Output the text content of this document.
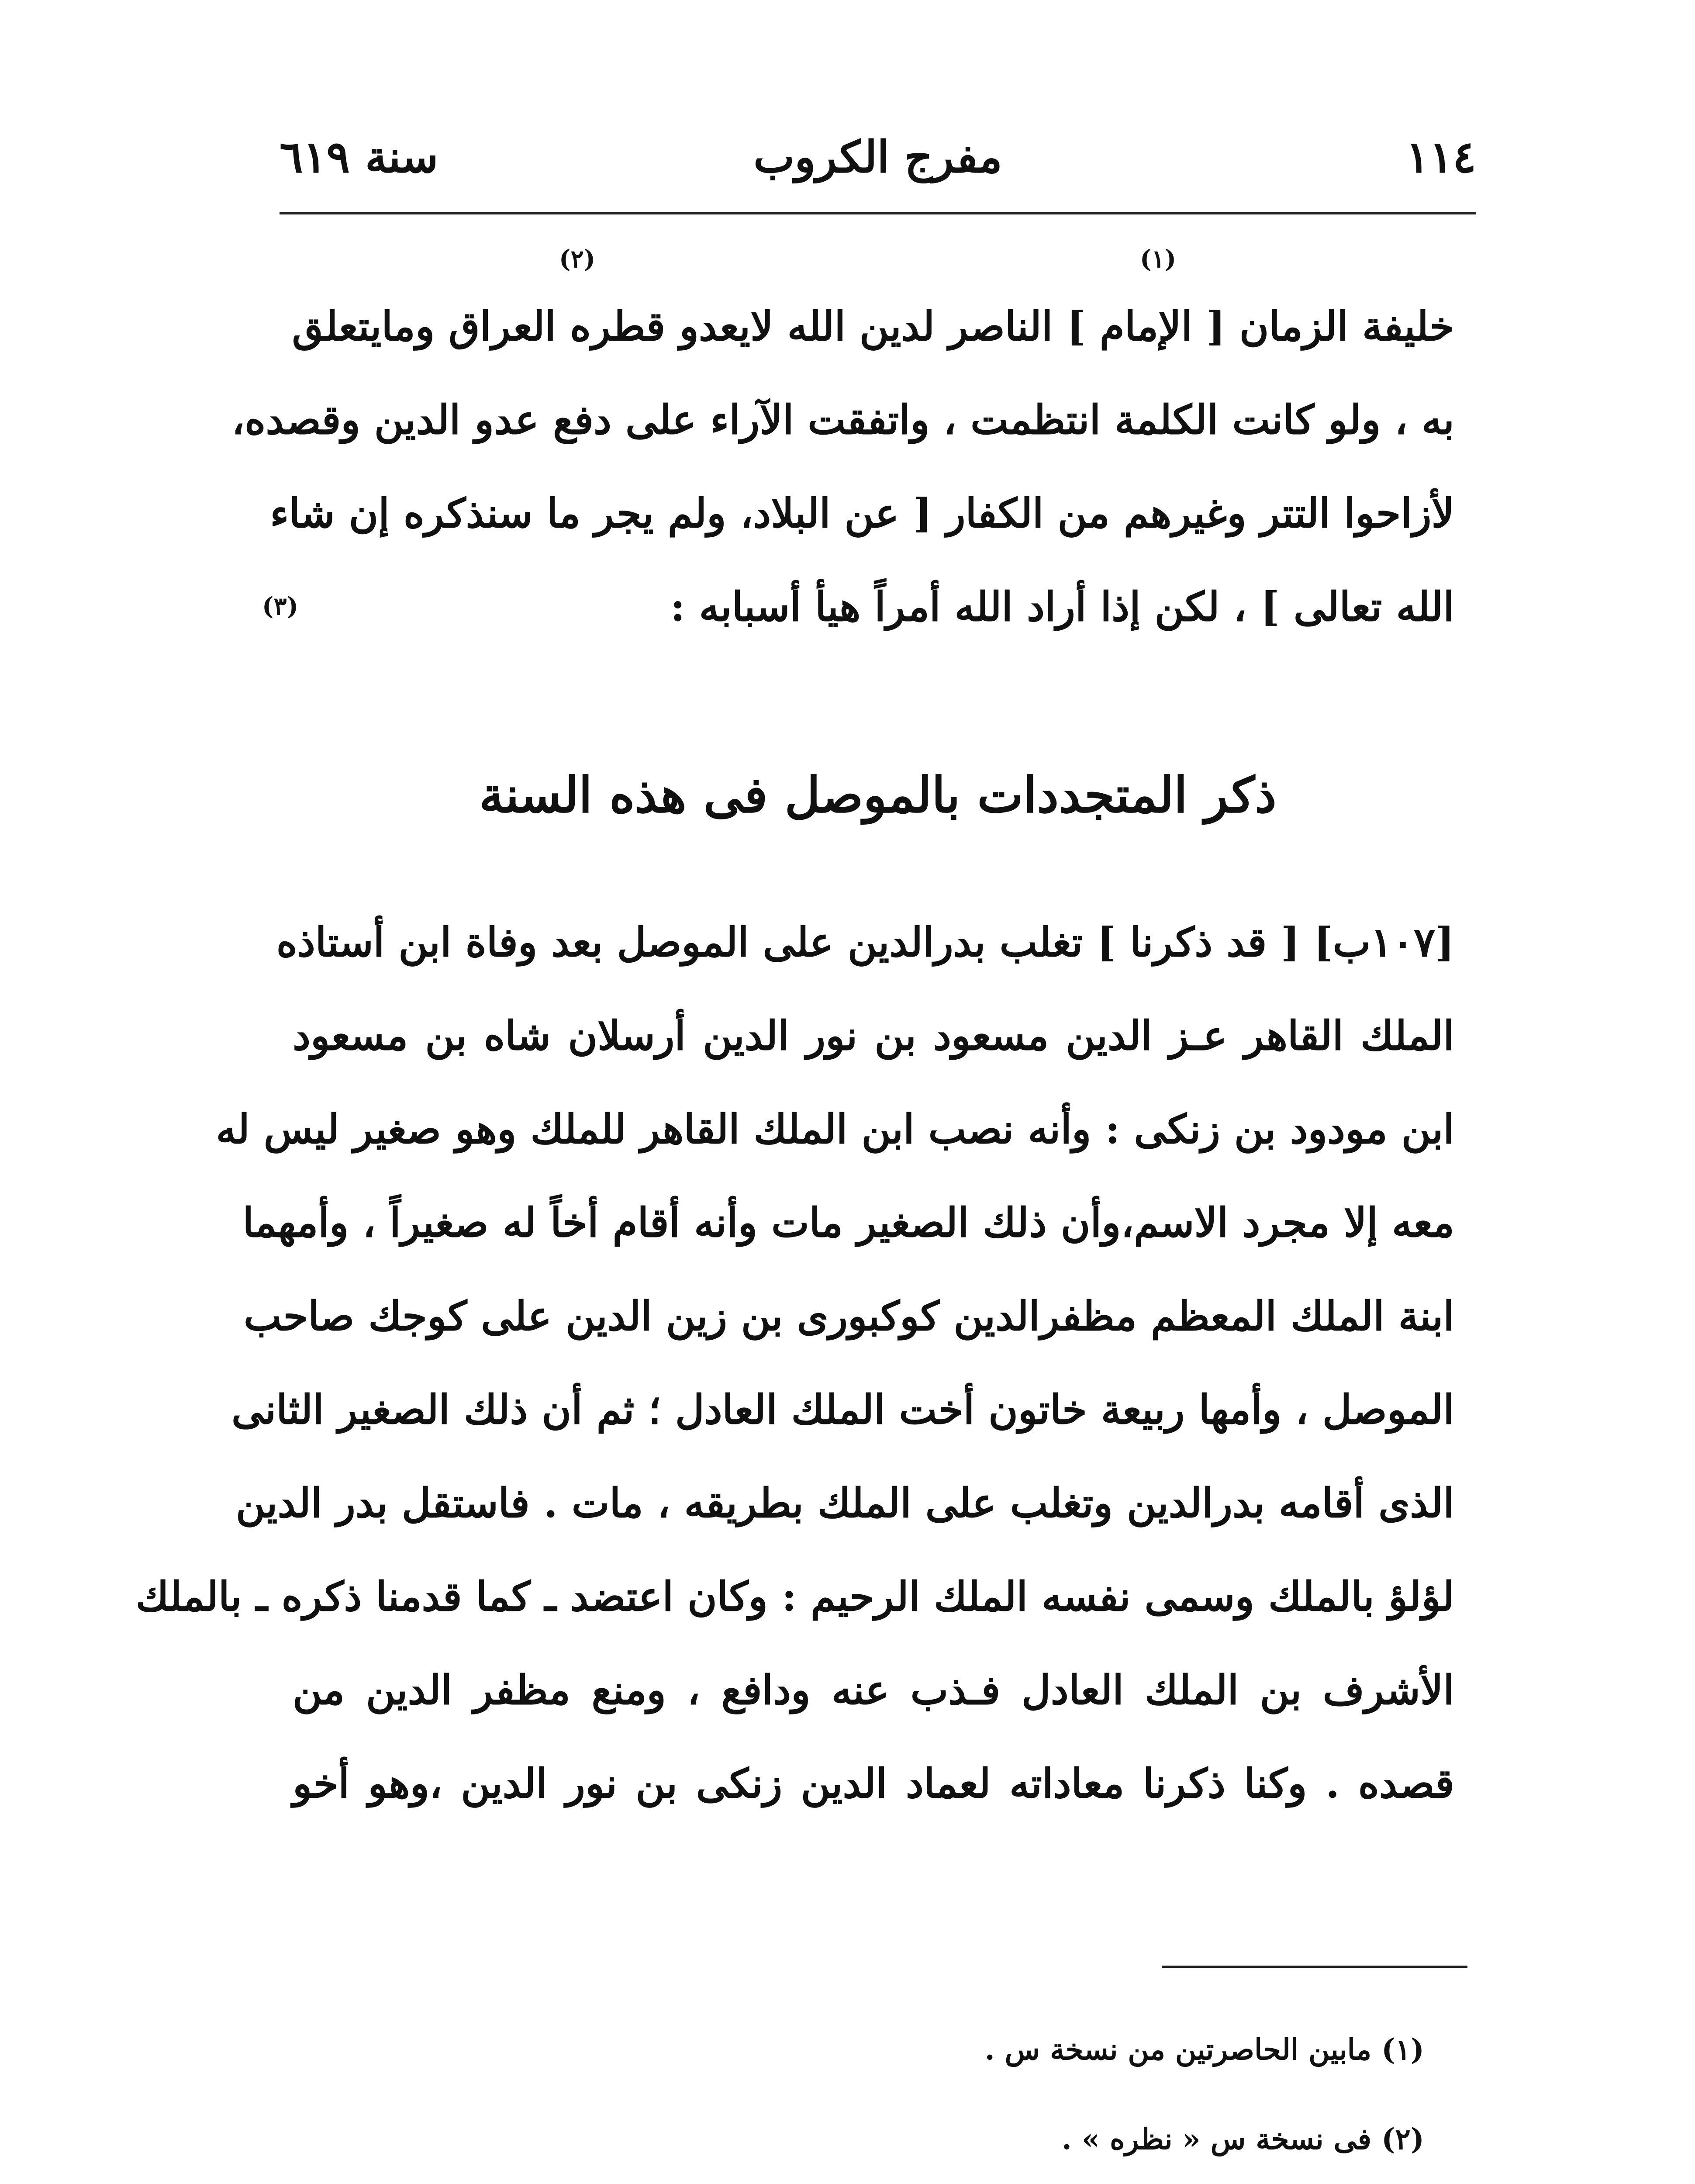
١١٤
مفرج الكروب
سنة ٦١٩
(١)
(٢)
خليفة الزمان [ الإمام ] الناصر لدين الله لايعدو قطره العراق ومايتعلق
به ، ولو كانت الكلمة انتظمت ، واتفقت الآراء على دفع عدو الدين وقصده،
لأزاحوا التتر وغيرهم من الكفار [ عن البلاد، ولم يجر ما سنذكره إن شاء
الله تعالى ] ، لكن إذا أراد الله أمراً هيأ أسبابه :
(٣)
ذكر المتجددات بالموصل فى هذه السنة
[١٠٧ب] [ قد ذكرنا ] تغلب بدرالدين على الموصل بعد وفاة ابن أستاذه
الملك القاهر عـز الدين مسعود بن نور الدين أرسلان شاه بن مسعود
ابن مودود بن زنكى : وأنه نصب ابن الملك القاهر للملك وهو صغير ليس له
معه إلا مجرد الاسم،وأن ذلك الصغير مات وأنه أقام أخاً له صغيراً ، وأمهما
ابنة الملك المعظم مظفرالدين كوكبورى بن زين الدين على كوجك صاحب
الموصل ، وأمها ربيعة خاتون أخت الملك العادل ؛ ثم أن ذلك الصغير الثانى
الذى أقامه بدرالدين وتغلب على الملك بطريقه ، مات . فاستقل بدر الدين
لؤلؤ بالملك وسمى نفسه الملك الرحيم : وكان اعتضد ـ كما قدمنا ذكره ـ بالملك
الأشرف بن الملك العادل فـذب عنه ودافع ، ومنع مظفر الدين من
قصده . وكنا ذكرنا معاداته لعماد الدين زنكى بن نور الدين ،وهو أخو
(١) مابين الحاصرتين من نسخة س .
(٢) فى نسخة س « نظره » .
